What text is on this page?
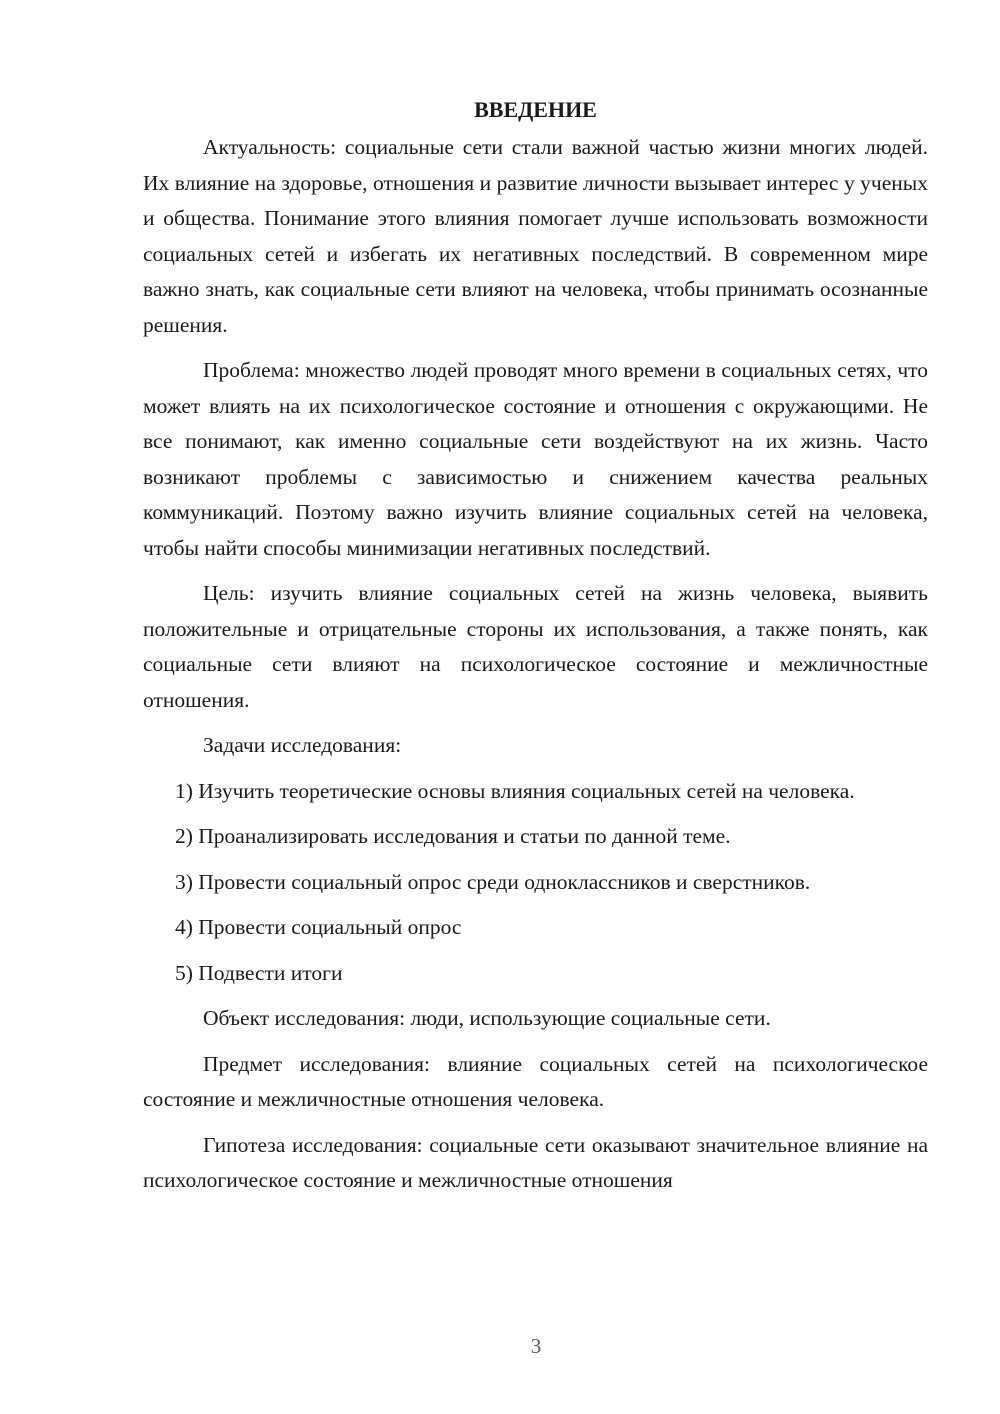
ВВЕДЕНИЕ

Актуальность: социальные сети стали важной частью жизни многих людей. Их влияние на здоровье, отношения и развитие личности вызывает интерес у ученых и общества. Понимание этого влияния помогает лучше использовать возможности социальных сетей и избегать их негативных последствий. В современном мире важно знать, как социальные сети влияют на человека, чтобы принимать осознанные решения.

Проблема: множество людей проводят много времени в социальных сетях, что может влиять на их психологическое состояние и отношения с окружающими. Не все понимают, как именно социальные сети воздействуют на их жизнь. Часто возникают проблемы с зависимостью и снижением качества реальных коммуникаций. Поэтому важно изучить влияние социальных сетей на человека, чтобы найти способы минимизации негативных последствий.

Цель: изучить влияние социальных сетей на жизнь человека, выявить положительные и отрицательные стороны их использования, а также понять, как социальные сети влияют на психологическое состояние и межличностные отношения.

Задачи исследования:

1) Изучить теоретические основы влияния социальных сетей на человека.

2) Проанализировать исследования и статьи по данной теме.

3) Провести социальный опрос среди одноклассников и сверстников.

4) Провести социальный опрос

5) Подвести итоги

Объект исследования: люди, использующие социальные сети.

Предмет исследования: влияние социальных сетей на психологическое состояние и межличностные отношения человека.

Гипотеза исследования: социальные сети оказывают значительное влияние на психологическое состояние и межличностные отношения

3
